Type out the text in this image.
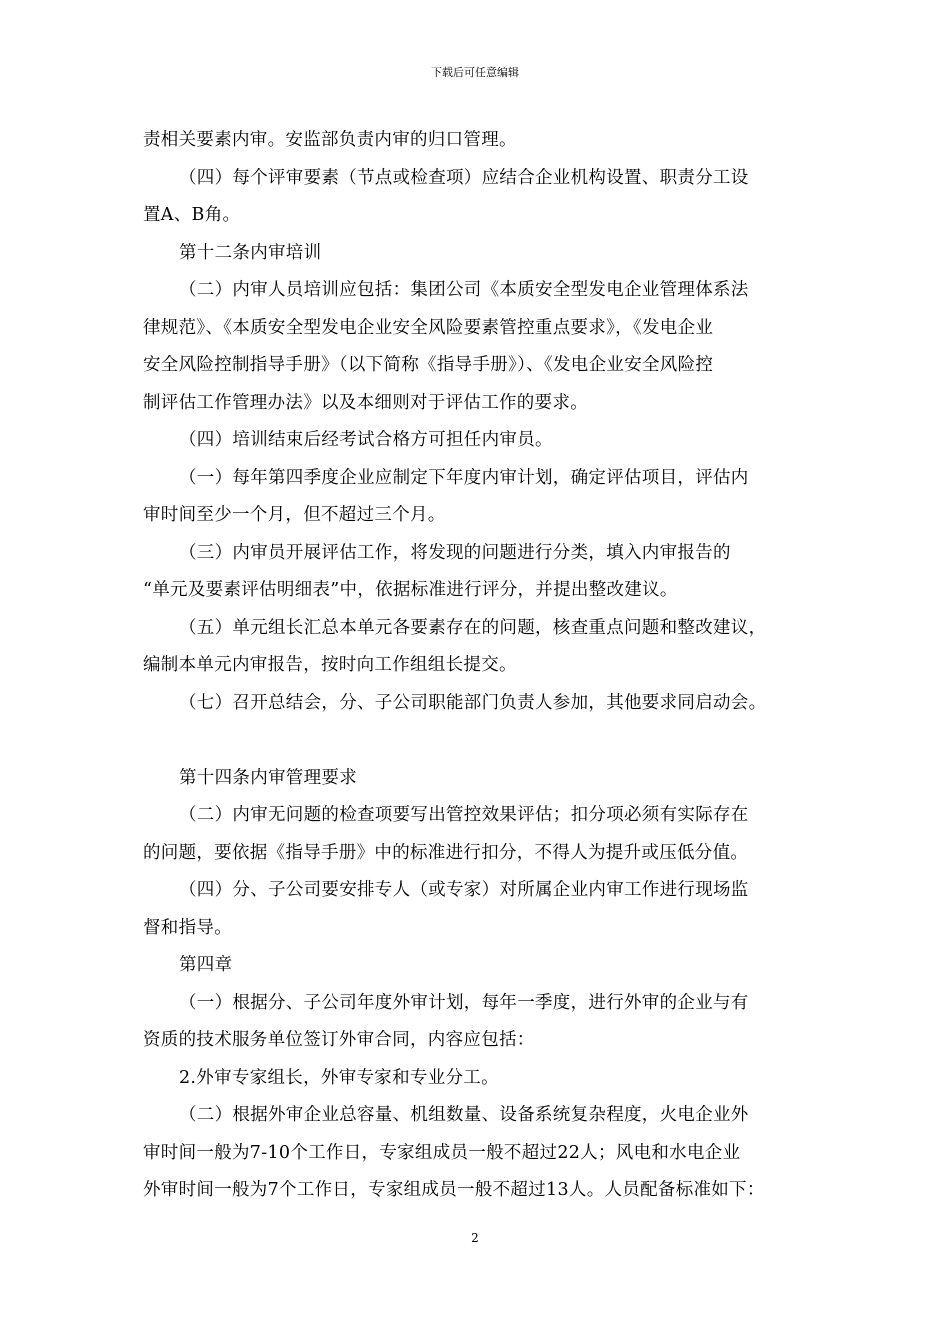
下载后可任意编辑
责相关要素内审。安监部负责内审的归口管理。
（四）每个评审要素（节点或检查项）应结合企业机构设置、职责分工设
置A、B角。
第十二条内审培训
（二）内审人员培训应包括：集团公司《本质安全型发电企业管理体系法
律规范》、《本质安全型发电企业安全风险要素管控重点要求》，《发电企业
安全风险控制指导手册》（以下简称《指导手册》）、《发电企业安全风险控
制评估工作管理办法》以及本细则对于评估工作的要求。
（四）培训结束后经考试合格方可担任内审员。
（一）每年第四季度企业应制定下年度内审计划，确定评估项目，评估内
审时间至少一个月，但不超过三个月。
（三）内审员开展评估工作，将发现的问题进行分类，填入内审报告的
“单元及要素评估明细表”中，依据标准进行评分，并提出整改建议。
（五）单元组长汇总本单元各要素存在的问题，核查重点问题和整改建议，
编制本单元内审报告，按时向工作组组长提交。
（七）召开总结会，分、子公司职能部门负责人参加，其他要求同启动会。
第十四条内审管理要求
（二）内审无问题的检查项要写出管控效果评估；扣分项必须有实际存在
的问题，要依据《指导手册》中的标准进行扣分，不得人为提升或压低分值。
（四）分、子公司要安排专人（或专家）对所属企业内审工作进行现场监
督和指导。
第四章
（一）根据分、子公司年度外审计划，每年一季度，进行外审的企业与有
资质的技术服务单位签订外审合同，内容应包括：
2.外审专家组长，外审专家和专业分工。
（二）根据外审企业总容量、机组数量、设备系统复杂程度，火电企业外
审时间一般为7-10个工作日，专家组成员一般不超过22人；风电和水电企业
外审时间一般为7个工作日，专家组成员一般不超过13人。人员配备标准如下：
2
